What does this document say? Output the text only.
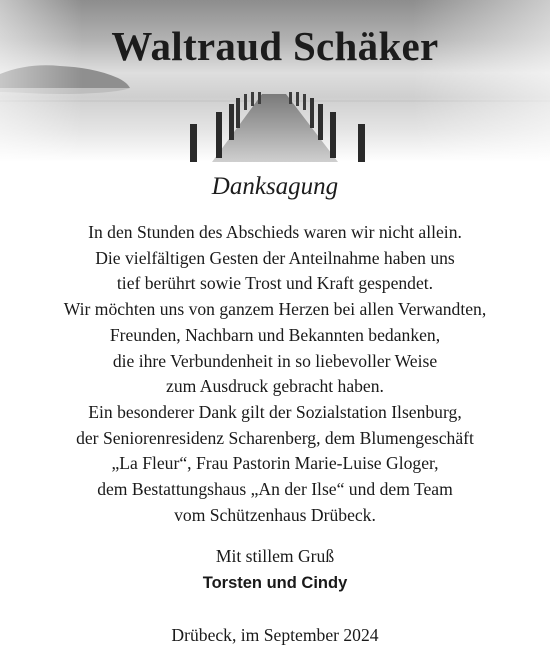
Waltraud Schäker
Danksagung
In den Stunden des Abschieds waren wir nicht allein.
Die vielfältigen Gesten der Anteilnahme haben uns
tief berührt sowie Trost und Kraft gespendet.
Wir möchten uns von ganzem Herzen bei allen Verwandten,
Freunden, Nachbarn und Bekannten bedanken,
die ihre Verbundenheit in so liebevoller Weise
zum Ausdruck gebracht haben.
Ein besonderer Dank gilt der Sozialstation Ilsenburg,
der Seniorenresidenz Scharenberg, dem Blumengeschäft
„La Fleur“, Frau Pastorin Marie-Luise Gloger,
dem Bestattungshaus „An der Ilse“ und dem Team
vom Schützenhaus Drübeck.
Mit stillem Gruß
Torsten und Cindy
Drübeck, im September 2024
